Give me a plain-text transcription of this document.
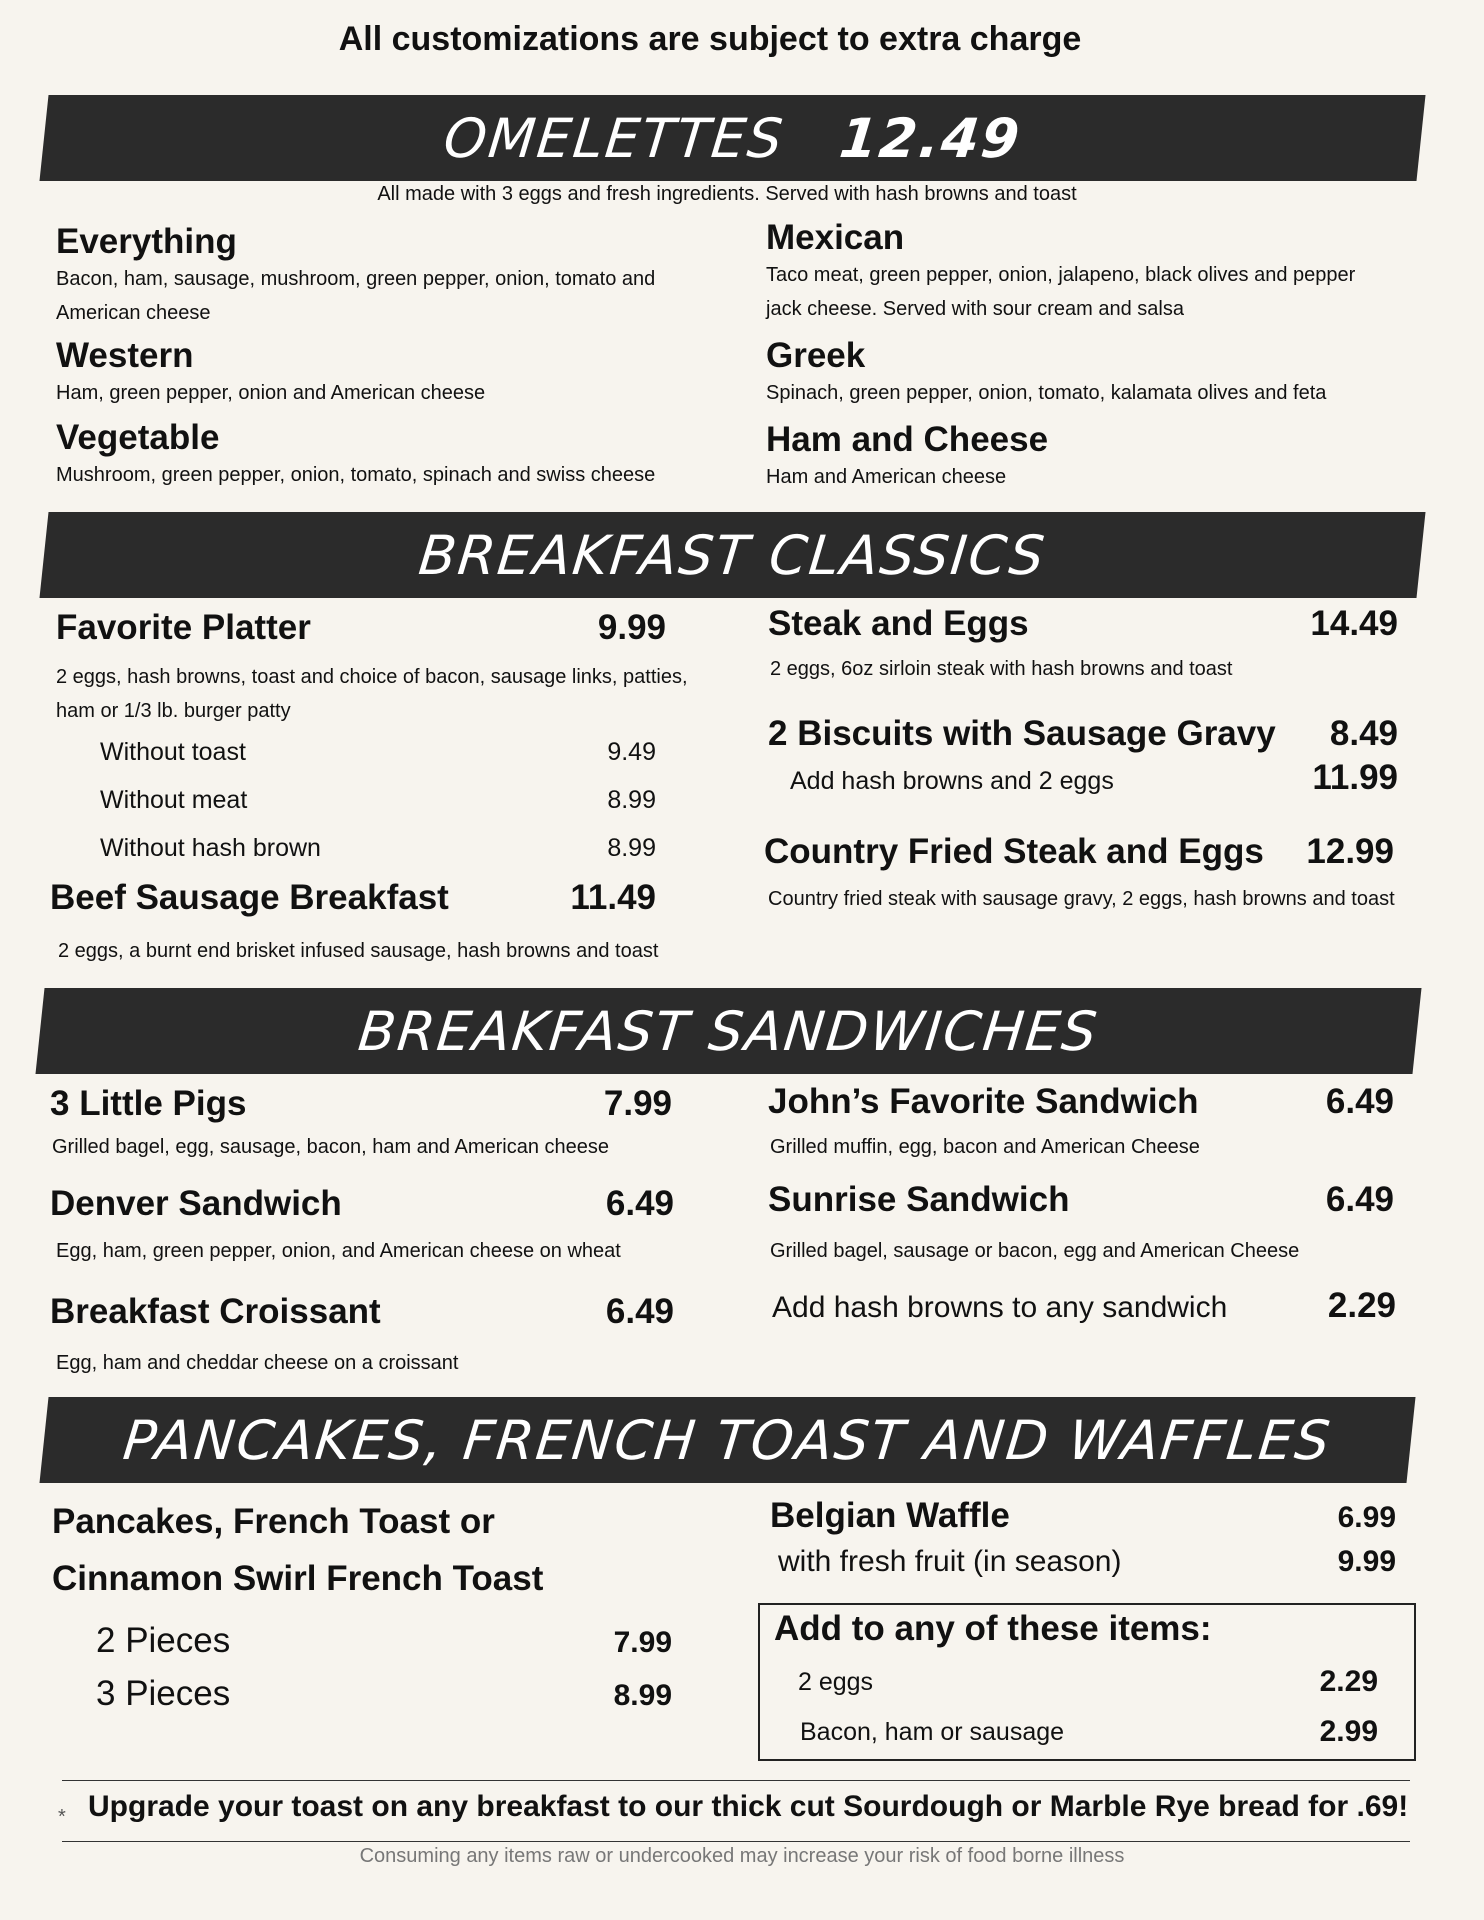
All customizations are subject to extra charge
OMELETTES 12.49
All made with 3 eggs and fresh ingredients. Served with hash browns and toast
Everything
Bacon, ham, sausage, mushroom, green pepper, onion, tomato and American cheese
Western
Ham, green pepper, onion and American cheese
Vegetable
Mushroom, green pepper, onion, tomato, spinach and swiss cheese
Mexican
Taco meat, green pepper, onion, jalapeno, black olives and pepper jack cheese. Served with sour cream and salsa
Greek
Spinach, green pepper, onion, tomato, kalamata olives and feta
Ham and Cheese
Ham and American cheese
BREAKFAST CLASSICS
Favorite Platter	9.99
2 eggs, hash browns, toast and choice of bacon, sausage links, patties, ham or 1/3 lb. burger patty
Without toast	9.49
Without meat	8.99
Without hash brown	8.99
Beef Sausage Breakfast	11.49
2 eggs, a burnt end brisket infused sausage, hash browns and toast
Steak and Eggs	14.49
2 eggs, 6oz sirloin steak with hash browns and toast
2 Biscuits with Sausage Gravy 8.49
Add hash browns and 2 eggs	11.99
Country Fried Steak and Eggs 12.99
Country fried steak with sausage gravy, 2 eggs, hash browns and toast
BREAKFAST SANDWICHES
3 Little Pigs	7.99
Grilled bagel, egg, sausage, bacon, ham and American cheese
Denver Sandwich	6.49
Egg, ham, green pepper, onion, and American cheese on wheat
Breakfast Croissant	6.49
Egg, ham and cheddar cheese on a croissant
John’s Favorite Sandwich	6.49
Grilled muffin, egg, bacon and American Cheese
Sunrise Sandwich	6.49
Grilled bagel, sausage or bacon, egg and American Cheese
Add hash browns to any sandwich	2.29
PANCAKES, FRENCH TOAST AND WAFFLES
Pancakes, French Toast or
Cinnamon Swirl French Toast
2 Pieces	7.99
3 Pieces	8.99
Belgian Waffle	6.99
with fresh fruit (in season)	9.99
Add to any of these items:
2 eggs	2.29
Bacon, ham or sausage	2.99
* Upgrade your toast on any breakfast to our thick cut Sourdough or Marble Rye bread for .69!
Consuming any items raw or undercooked may increase your risk of food borne illness
